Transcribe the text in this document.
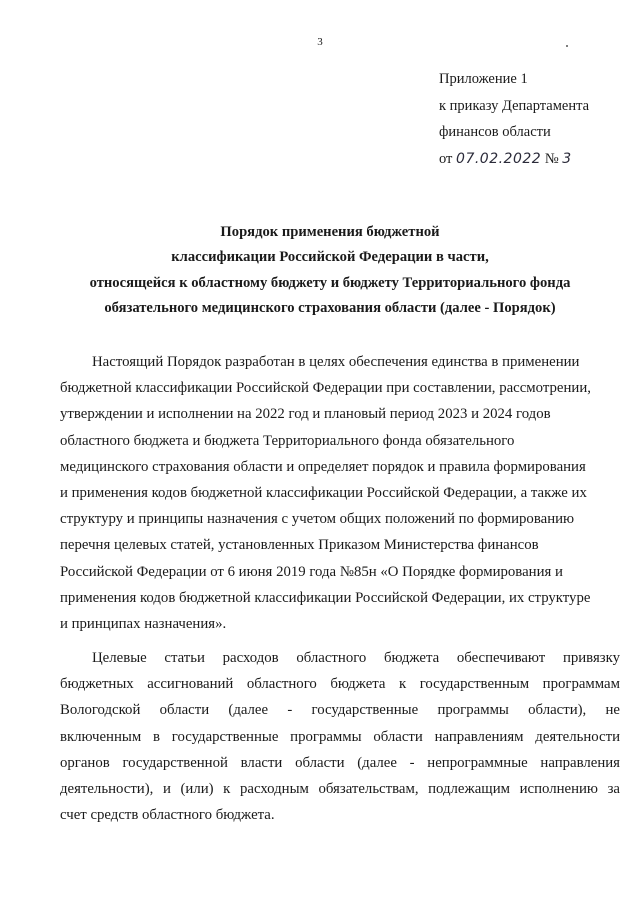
3
Приложение 1
к приказу Департамента
финансов области
от 07.02.2022 № 3
Порядок применения бюджетной
классификации Российской Федерации в части,
относящейся к областному бюджету и бюджету Территориального фонда
обязательного медицинского страхования области (далее - Порядок)
Настоящий Порядок разработан в целях обеспечения единства в применении
бюджетной классификации Российской Федерации при составлении, рассмотрении,
утверждении и исполнении на 2022 год и плановый период 2023 и 2024 годов
областного бюджета и бюджета Территориального фонда обязательного
медицинского страхования области и определяет порядок и правила формирования
и применения кодов бюджетной классификации Российской Федерации, а также их
структуру и принципы назначения с учетом общих положений по формированию
перечня целевых статей, установленных Приказом Министерства финансов
Российской Федерации от 6 июня 2019 года №85н «О Порядке формирования и
применения кодов бюджетной классификации Российской Федерации, их структуре
и принципах назначения».
Целевые статьи расходов областного бюджета обеспечивают привязку
бюджетных ассигнований областного бюджета к государственным программам
Вологодской области (далее - государственные программы области), не
включенным в государственные программы области направлениям деятельности
органов государственной власти области (далее - непрограммные направления
деятельности), и (или) к расходным обязательствам, подлежащим исполнению за
счет средств областного бюджета.
